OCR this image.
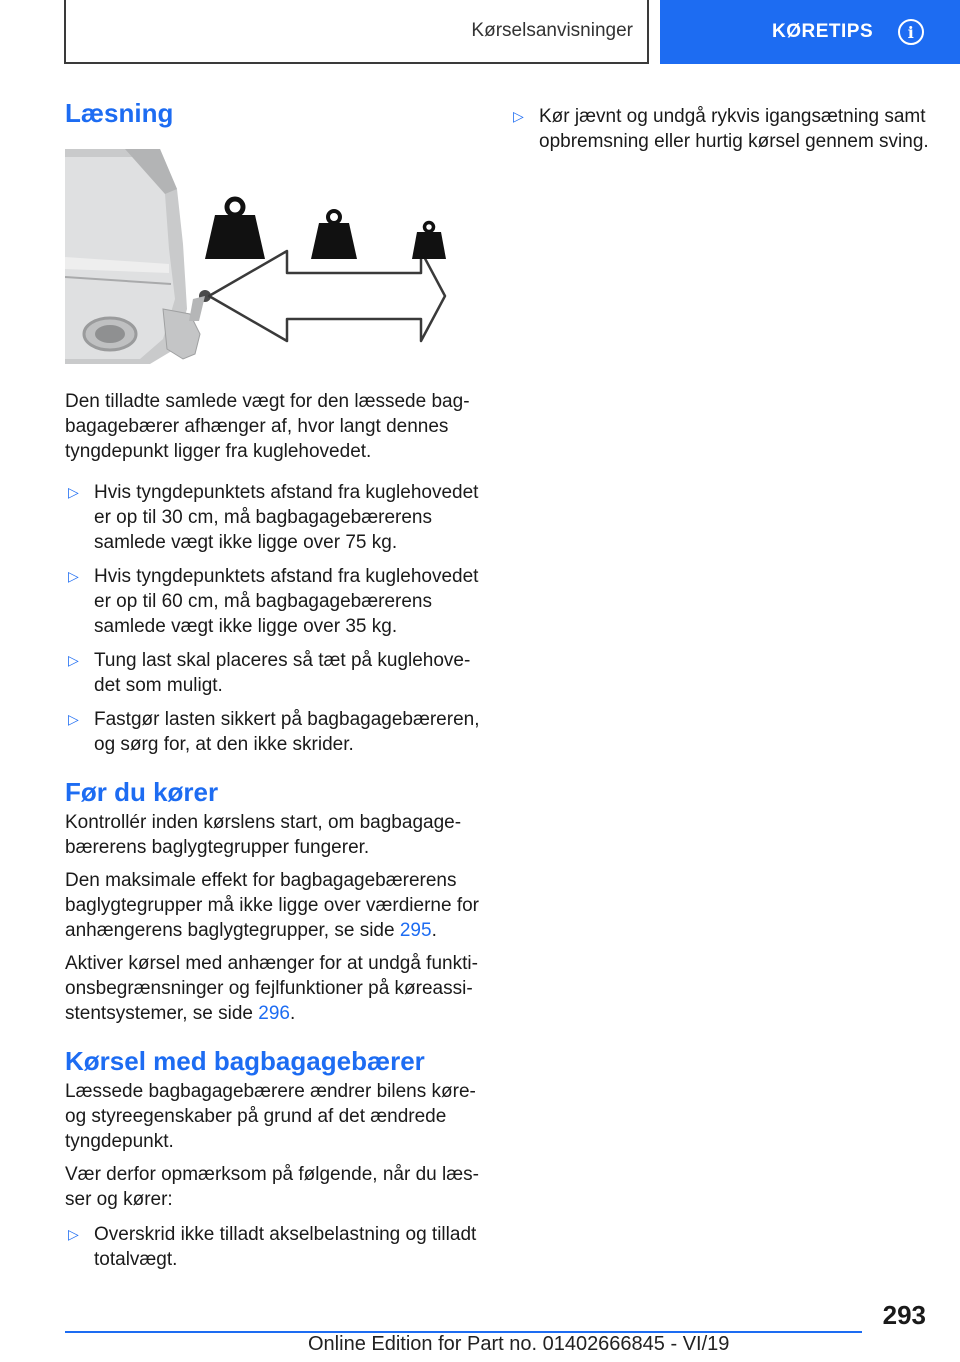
Kørselsanvisninger	KØRETIPS	i
Læsning

Den tilladte samlede vægt for den læssede bagbagagebærer afhænger af, hvor langt dennes tyngdepunkt ligger fra kuglehovedet.

▷ Hvis tyngdepunktets afstand fra kuglehovedet er op til 30 cm, må bagbagagebærerens samlede vægt ikke ligge over 75 kg.
▷ Hvis tyngdepunktets afstand fra kuglehovedet er op til 60 cm, må bagbagagebærerens samlede vægt ikke ligge over 35 kg.
▷ Tung last skal placeres så tæt på kuglehovedet som muligt.
▷ Fastgør lasten sikkert på bagbagagebæreren, og sørg for, at den ikke skrider.
Før du kører

Kontrollér inden kørslens start, om bagbagagebærerens baglygtegrupper fungerer.

Den maksimale effekt for bagbagagebærerens baglygtegrupper må ikke ligge over værdierne for anhængerens baglygtegrupper, se side 295.

Aktiver kørsel med anhænger for at undgå funktionsbegrænsninger og fejlfunktioner på køreassistentsystemer, se side 296.

Kørsel med bagbagagebærer

Læssede bagbagagebærere ændrer bilens køre- og styreegenskaber på grund af det ændrede tyngdepunkt.

Vær derfor opmærksom på følgende, når du læsser og kører:

▷ Overskrid ikke tilladt akselbelastning og tilladt totalvægt.
▷ Kør jævnt og undgå rykvis igangsætning samt opbremsning eller hurtig kørsel gennem sving.
293
Online Edition for Part no. 01402666845 - VI/19
